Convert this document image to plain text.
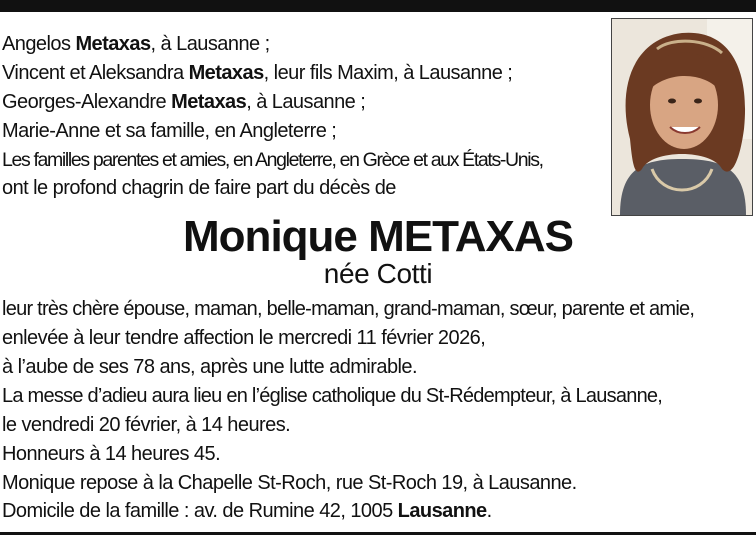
Angelos Metaxas, à Lausanne ;
Vincent et Aleksandra Metaxas, leur fils Maxim, à Lausanne ;
Georges-Alexandre Metaxas, à Lausanne ;
Marie-Anne et sa famille, en Angleterre ;
Les familles parentes et amies, en Angleterre, en Grèce et aux États-Unis,
ont le profond chagrin de faire part du décès de
Monique METAXAS
née Cotti
leur très chère épouse, maman, belle-maman, grand-maman, sœur, parente et amie,
enlevée à leur tendre affection le mercredi 11 février 2026,
à l’aube de ses 78 ans, après une lutte admirable.
La messe d’adieu aura lieu en l’église catholique du St-Rédempteur, à Lausanne,
le vendredi 20 février, à 14 heures.
Honneurs à 14 heures 45.
Monique repose à la Chapelle St-Roch, rue St-Roch 19, à Lausanne.
Domicile de la famille : av. de Rumine 42, 1005 Lausanne.
